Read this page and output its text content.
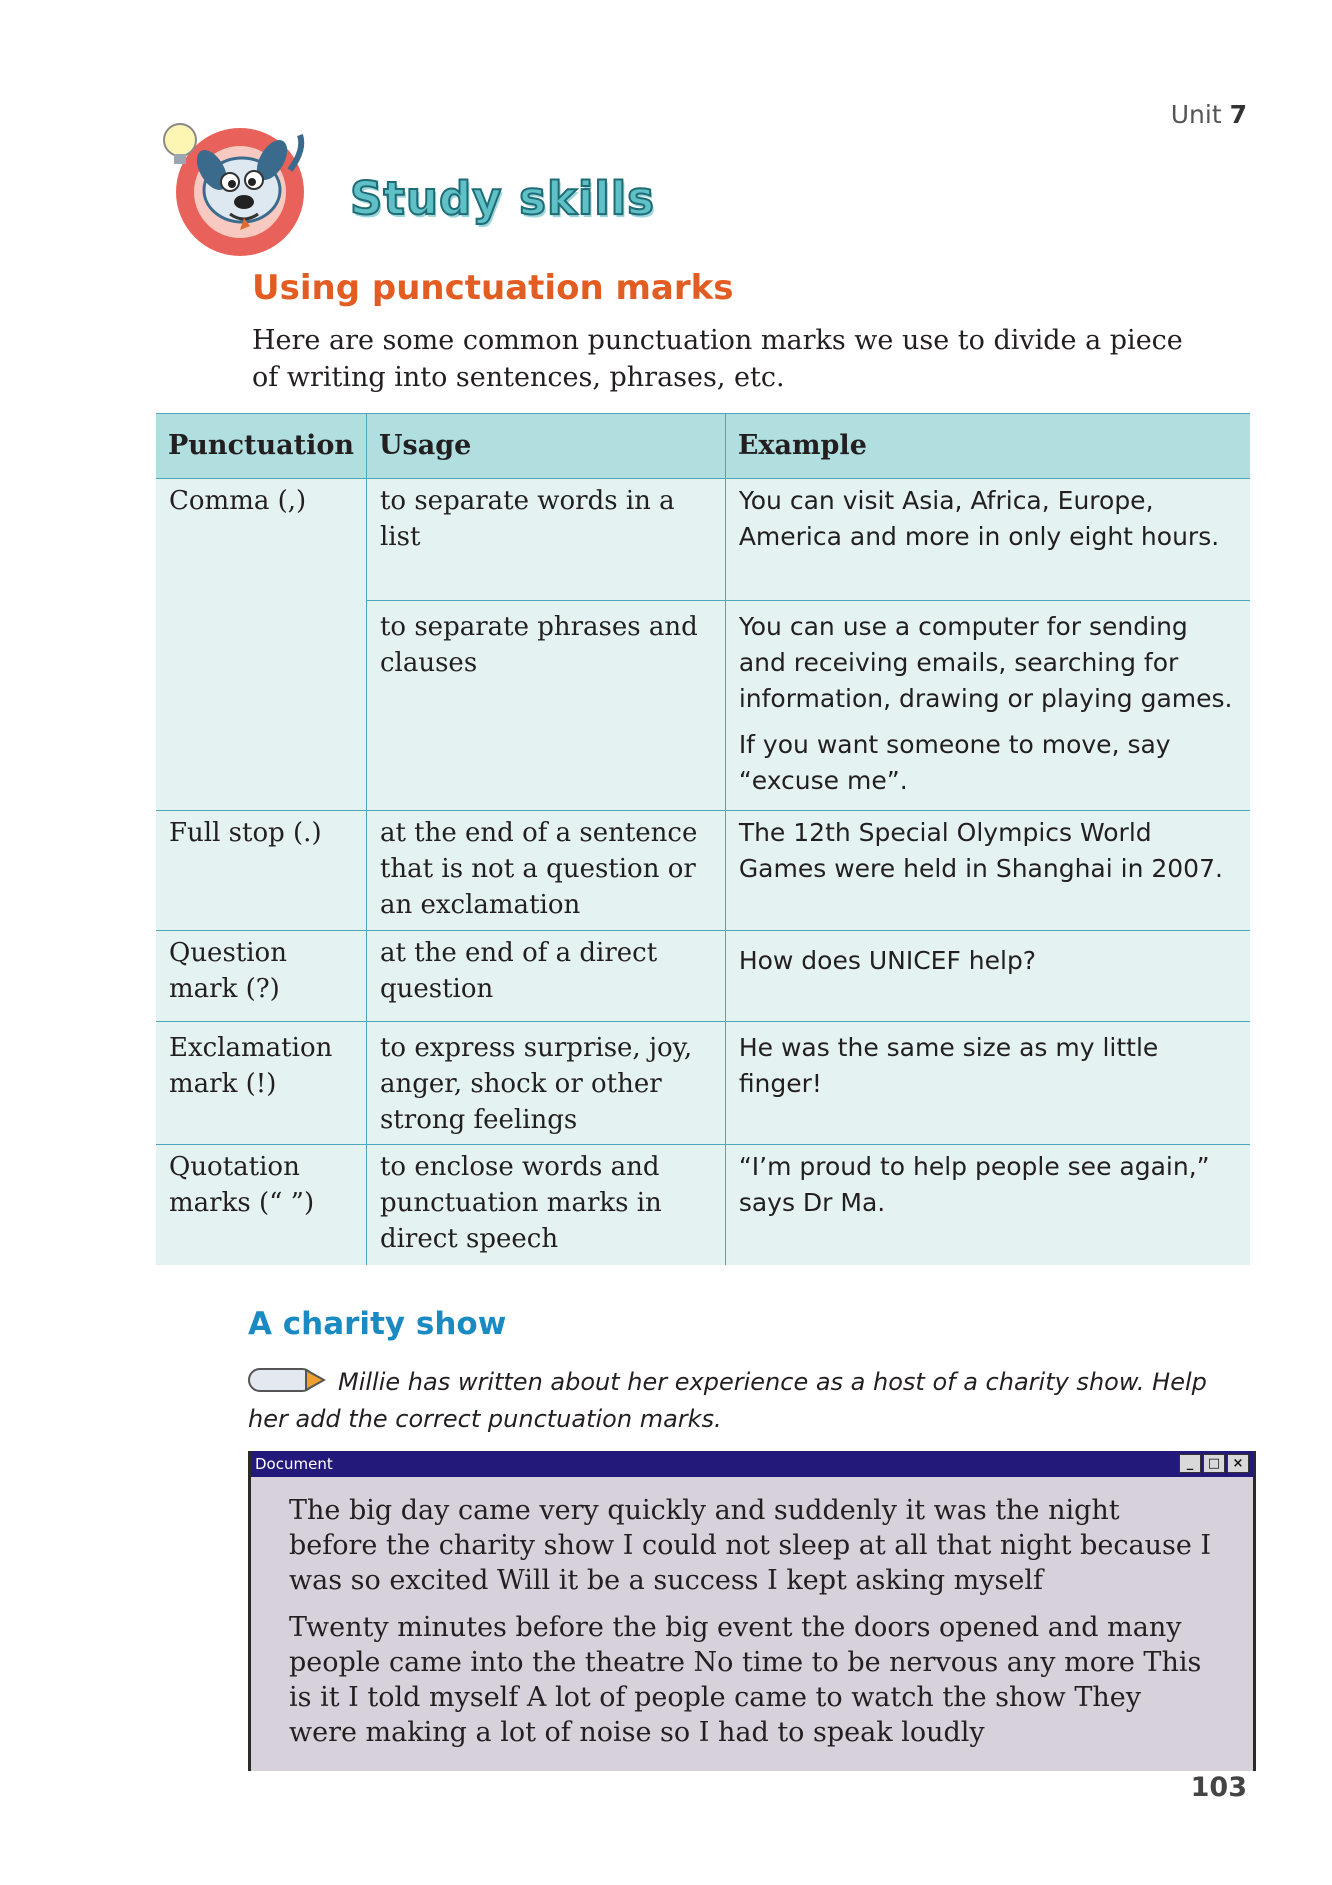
Unit 7
Study skills
Using punctuation marks
Here are some common punctuation marks we use to divide a piece of writing into sentences, phrases, etc.
Punctuation	Usage	Example
Comma (,)	to separate words in a list	You can visit Asia, Africa, Europe, America and more in only eight hours.

	to separate phrases and clauses	You can use a computer for sending and receiving emails, searching for information, drawing or playing games.

If you want someone to move, say “excuse me”.

Full stop (.)	at the end of a sentence that is not a question or an exclamation	The 12th Special Olympics World Games were held in Shanghai in 2007.

Question mark (?)	at the end of a direct question	How does UNICEF help?

Exclamation mark (!)	to express surprise, joy, anger, shock or other strong feelings	He was the same size as my little finger!

Quotation marks (“ ”)	to enclose words and punctuation marks in direct speech	“I’m proud to help people see again,” says Dr Ma.

A charity show
Millie has written about her experience as a host of a charity show. Help her add the correct punctuation marks.
Document	_	□ ×

The big day came very quickly and suddenly it was the night before the charity show I could not sleep at all that night because I was so excited Will it be a success I kept asking myself

Twenty minutes before the big event the doors opened and many people came into the theatre No time to be nervous any more This is it I told myself A lot of people came to watch the show They were making a lot of noise so I had to speak loudly

103
